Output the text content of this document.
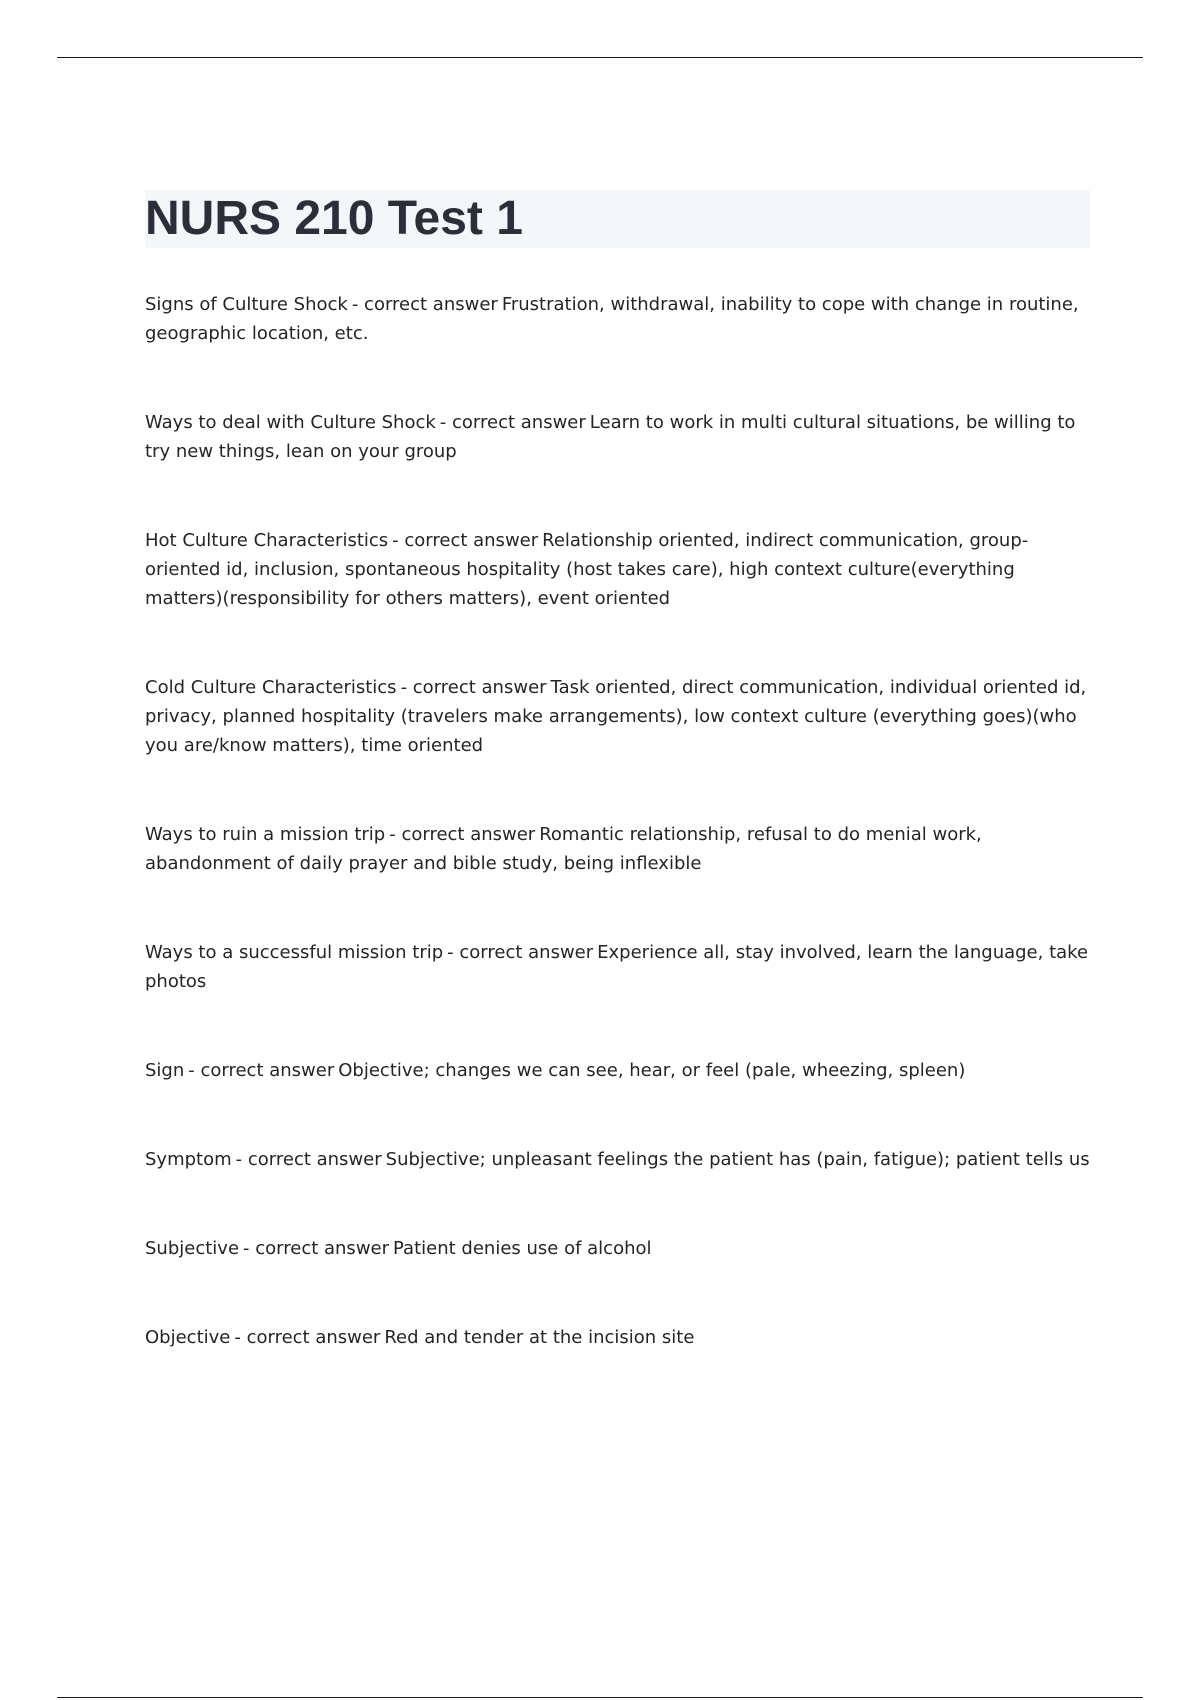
NURS 210 Test 1

Signs of Culture Shock - correct answer Frustration, withdrawal, inability to cope with change in routine, geographic location, etc.

Ways to deal with Culture Shock - correct answer Learn to work in multi cultural situations, be willing to try new things, lean on your group

Hot Culture Characteristics - correct answer Relationship oriented, indirect communication, group-oriented id, inclusion, spontaneous hospitality (host takes care), high context culture(everything matters)(responsibility for others matters), event oriented

Cold Culture Characteristics - correct answer Task oriented, direct communication, individual oriented id, privacy, planned hospitality (travelers make arrangements), low context culture (everything goes)(who you are/know matters), time oriented

Ways to ruin a mission trip - correct answer Romantic relationship, refusal to do menial work, abandonment of daily prayer and bible study, being inflexible

Ways to a successful mission trip - correct answer Experience all, stay involved, learn the language, take photos

Sign - correct answer Objective; changes we can see, hear, or feel (pale, wheezing, spleen)

Symptom - correct answer Subjective; unpleasant feelings the patient has (pain, fatigue); patient tells us

Subjective - correct answer Patient denies use of alcohol

Objective - correct answer Red and tender at the incision site
